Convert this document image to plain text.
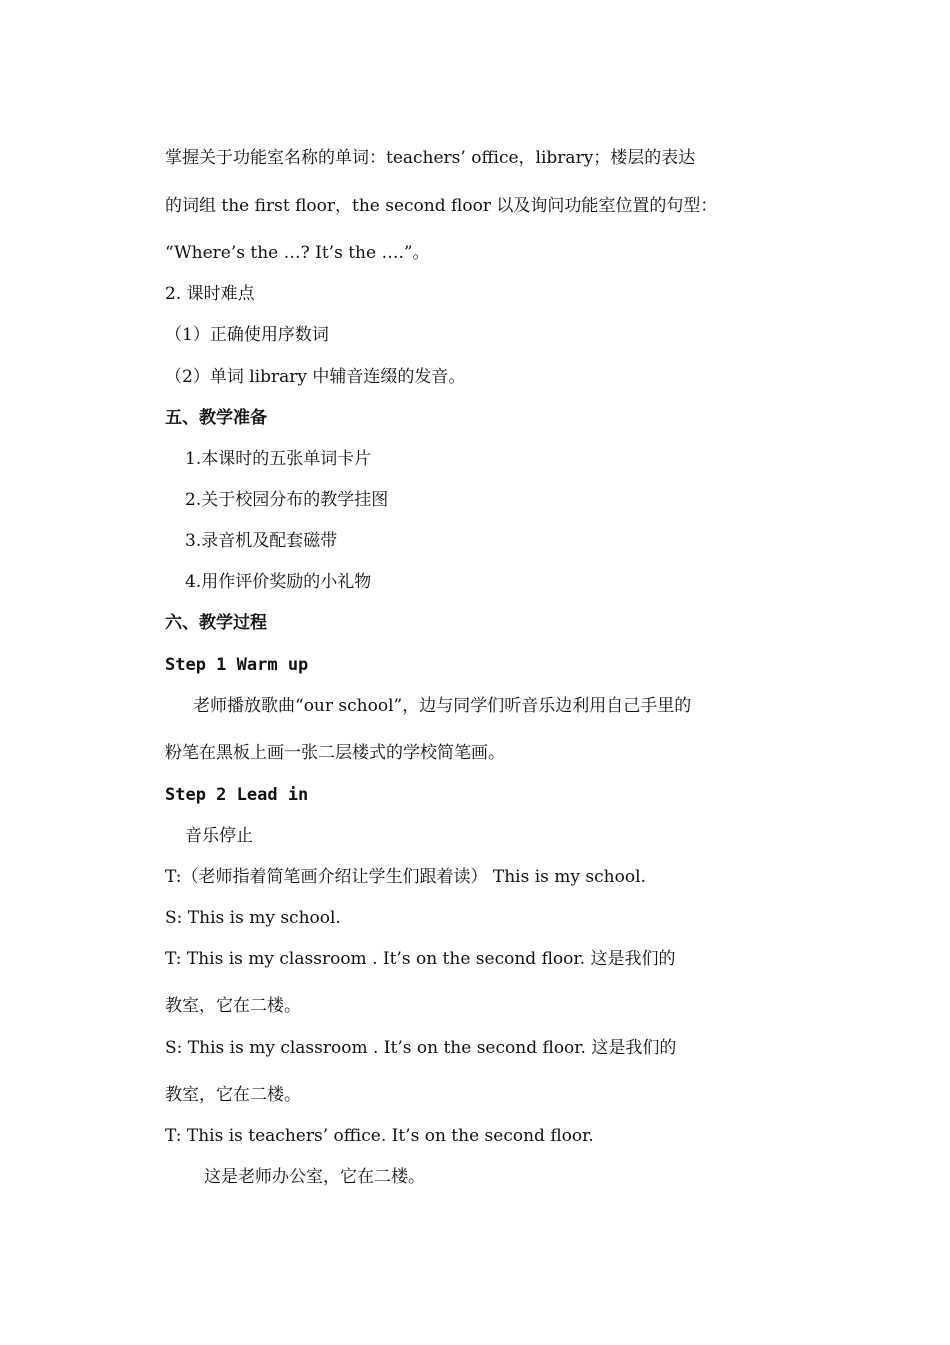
掌握关于功能室名称的单词：teachers’ office，library；楼层的表达
的词组 the first floor，the second floor 以及询问功能室位置的句型：
“Where’s the …? It’s the ….”。
2. 课时难点
（1）正确使用序数词
（2）单词 library 中辅音连缀的发音。
五、教学准备
1.本课时的五张单词卡片
2.关于校园分布的教学挂图
3.录音机及配套磁带
4.用作评价奖励的小礼物
六、教学过程
Step 1 Warm up
老师播放歌曲“our school”，边与同学们听音乐边利用自己手里的
粉笔在黑板上画一张二层楼式的学校简笔画。
Step 2 Lead in
音乐停止
T:（老师指着简笔画介绍让学生们跟着读） This is my school.
S: This is my school.
T: This is my classroom . It’s on the second floor. 这是我们的
教室，它在二楼。
S: This is my classroom . It’s on the second floor. 这是我们的
教室，它在二楼。
T: This is teachers’ office. It’s on the second floor.
这是老师办公室，它在二楼。
